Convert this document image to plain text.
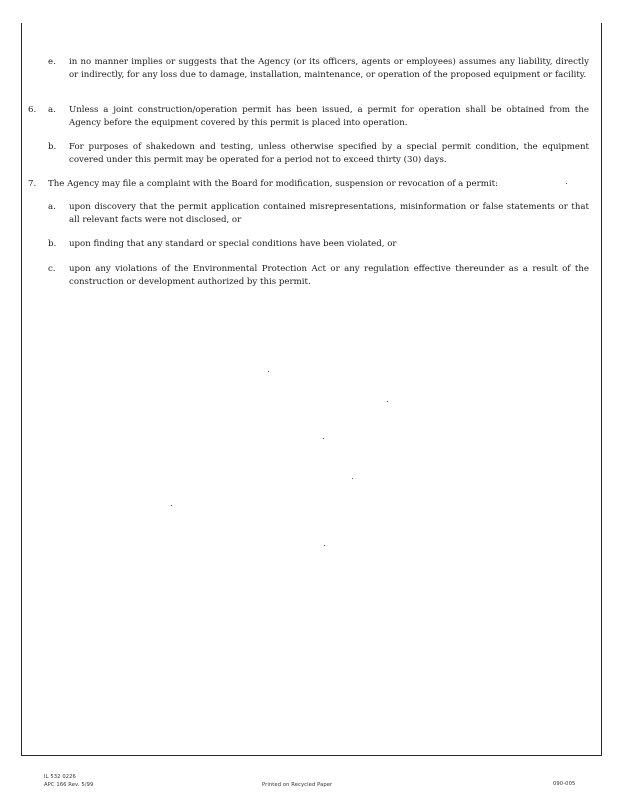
e. in no manner implies or suggests that the Agency (or its officers, agents or employees) assumes any liability, directly or indirectly, for any loss due to damage, installation, maintenance, or operation of the proposed equipment or facility.
6. a. Unless a joint construction/operation permit has been issued, a permit for operation shall be obtained from the Agency before the equipment covered by this permit is placed into operation.
b. For purposes of shakedown and testing, unless otherwise specified by a special permit condition, the equipment covered under this permit may be operated for a period not to exceed thirty (30) days.
7. The Agency may file a complaint with the Board for modification, suspension or revocation of a permit:
a. upon discovery that the permit application contained misrepresentations, misinformation or false statements or that all relevant facts were not disclosed, or
b. upon finding that any standard or special conditions have been violated, or
c. upon any violations of the Environmental Protection Act or any regulation effective thereunder as a result of the construction or development authorized by this permit.
IL 532 0226
APC 166 Rev. 5/99	Printed on Recycled Paper	090-005
